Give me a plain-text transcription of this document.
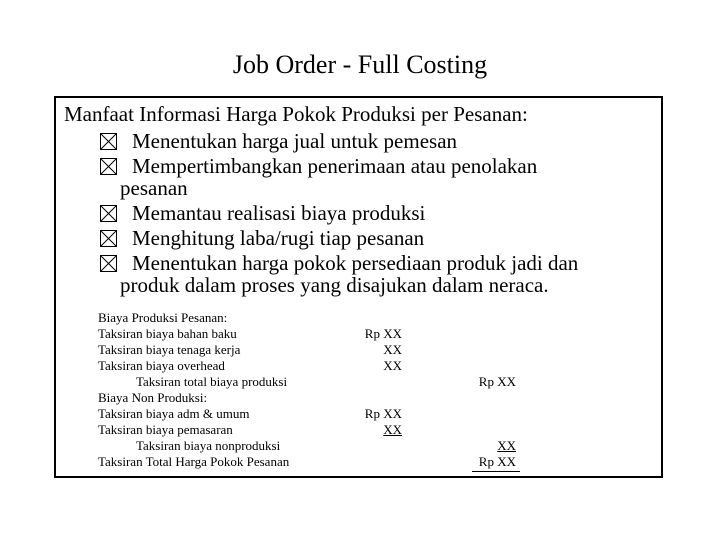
Job Order - Full Costing
Manfaat Informasi Harga Pokok Produksi per Pesanan:
Menentukan harga jual untuk pemesan
Mempertimbangkan penerimaan atau penolakan
pesanan
Memantau realisasi biaya produksi
Menghitung laba/rugi tiap pesanan
Menentukan harga pokok persediaan produk jadi dan
produk dalam proses yang disajukan dalam neraca.
Biaya Produksi Pesanan:
Taksiran biaya bahan baku	Rp XX
Taksiran biaya tenaga kerja	XX
Taksiran biaya overhead	XX
Taksiran total biaya produksi	Rp XX
Biaya Non Produksi:
Taksiran biaya adm & umum	Rp XX
Taksiran biaya pemasaran	XX
Taksiran biaya nonproduksi	XX
Taksiran Total Harga Pokok Pesanan	Rp XX
